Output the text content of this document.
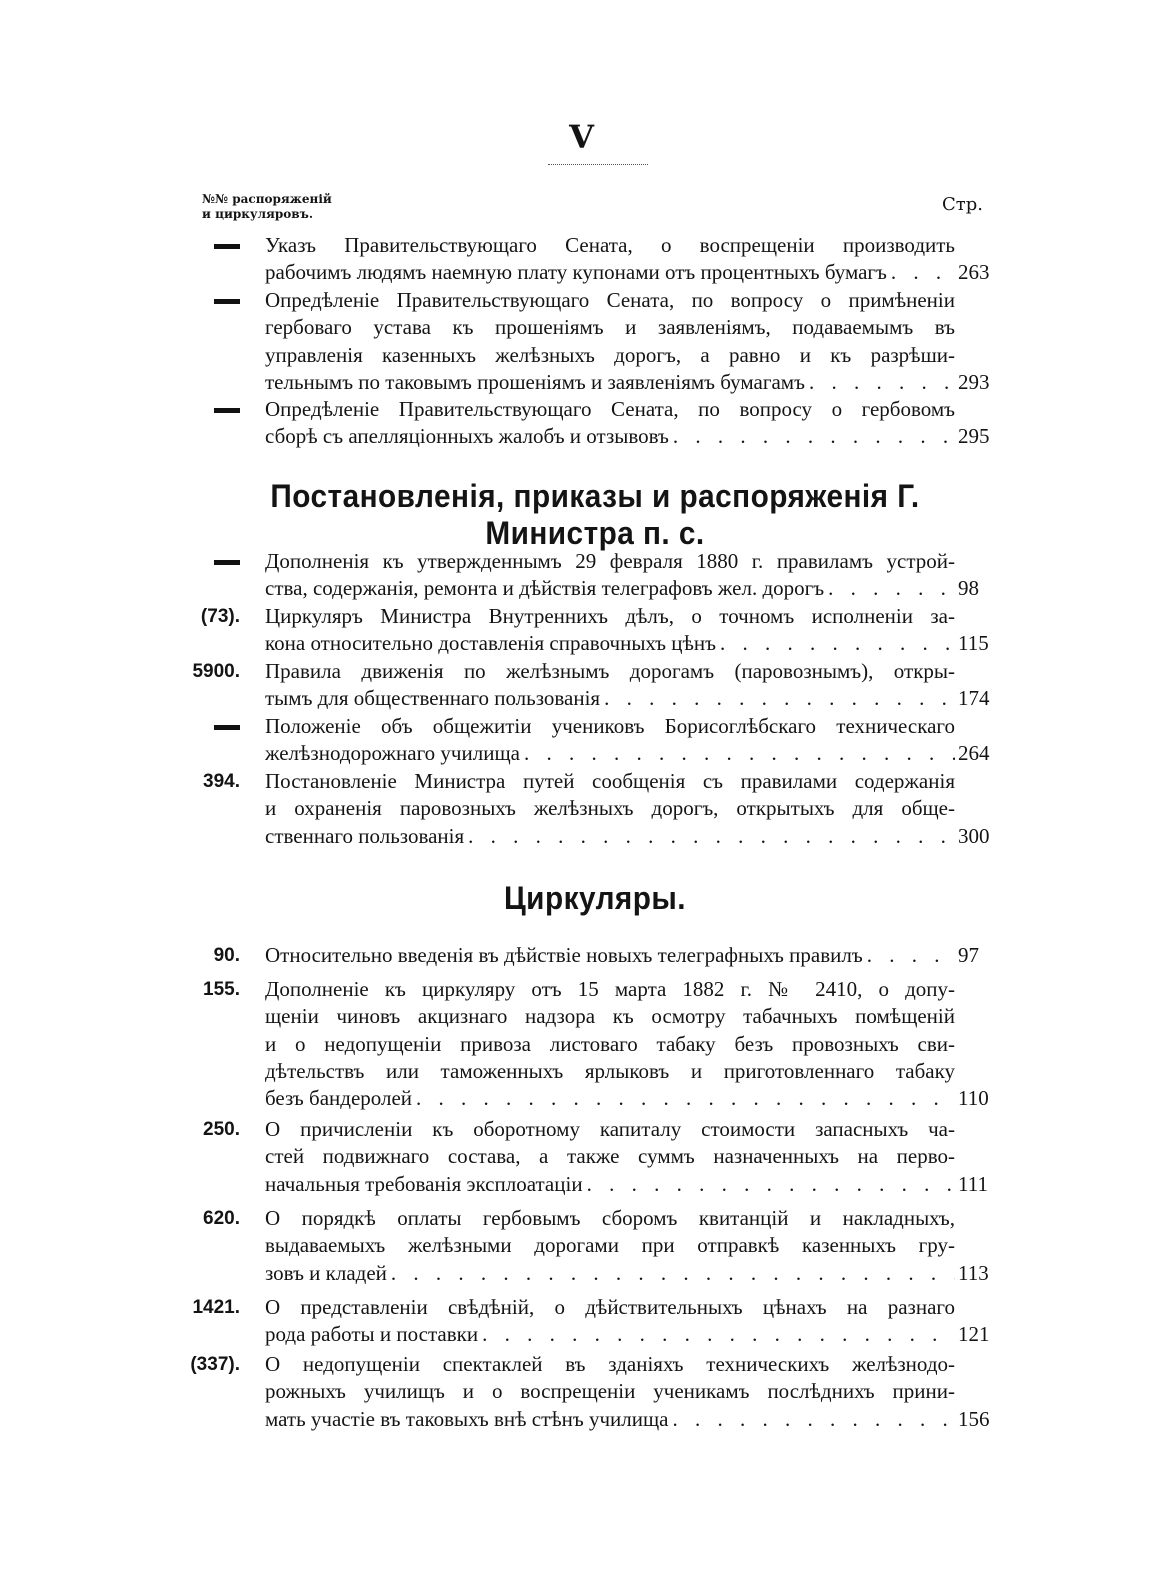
V
№№ распоряженій
и циркуляровъ.	Стр.
Указъ Правительствующаго Сената, о воспрещеніи производить
263
рабочимъ людямъ наемную плату купонами отъ процентныхъ бумагъ
. . .
Опредѣленіе Правительствующаго Сената, по вопросу о примѣненіи
гербоваго устава къ прошеніямъ и заявленіямъ, подаваемымъ въ
управленія казенныхъ желѣзныхъ дорогъ, а равно и къ разрѣши-
293
тельнымъ по таковымъ прошеніямъ и заявленіямъ бумагамъ
. . .
Опредѣленіе Правительствующаго Сената, по вопросу о гербовомъ
295
сборѣ съ апелляціонныхъ жалобъ и отзывовъ
. . .
Постановленія, приказы и распоряженія Г. Министра п. с.
Дополненія къ утвержденнымъ 29 февраля 1880 г. правиламъ устрой-
98
ства, содержанія, ремонта и дѣйствія телеграфовъ жел. дорогъ
. . .
(73). Циркуляръ Министра Внутреннихъ дѣлъ, о точномъ исполненіи за-
115
кона относительно доставленія справочныхъ цѣнъ
. . .
5900. Правила движенія по желѣзнымъ дорогамъ (паровознымъ), откры-
174
тымъ для общественнаго пользованія
. . .
Положеніе объ общежитіи учениковъ Борисоглѣбскаго техническаго
264
желѣзнодорожнаго училища
. . .
394. Постановленіе Министра путей сообщенія съ правилами содержанія
и охраненія паровозныхъ желѣзныхъ дорогъ, открытыхъ для обще-
300
ственнаго пользованія
. . .
Циркуляры.
90.	97
Относительно введенія въ дѣйствіе новыхъ телеграфныхъ правилъ
. . .
155. Дополненіе къ циркуляру отъ 15 марта 1882 г. № 2410, о допу-
щеніи чиновъ акцизнаго надзора къ осмотру табачныхъ помѣщеній
и о недопущеніи привоза листоваго табаку безъ провозныхъ сви-
дѣтельствъ или таможенныхъ ярлыковъ и приготовленнаго табаку
110
безъ бандеролей
. . .
250. О причисленіи къ оборотному капиталу стоимости запасныхъ ча-
стей подвижнаго состава, а также суммъ назначенныхъ на перво-
111
начальныя требованія эксплоатаціи
. . .
620. О порядкѣ оплаты гербовымъ сборомъ квитанцій и накладныхъ,
выдаваемыхъ желѣзными дорогами при отправкѣ казенныхъ гру-
113
зовъ и кладей
. . .
1421. О представленіи свѣдѣній, о дѣйствительныхъ цѣнахъ на разнаго
121
рода работы и поставки
. . .
(337). О недопущеніи спектаклей въ зданіяхъ техническихъ желѣзнодо-
рожныхъ училищъ и о воспрещеніи ученикамъ послѣднихъ прини-
156
мать участіе въ таковыхъ внѣ стѣнъ училища
. . .
